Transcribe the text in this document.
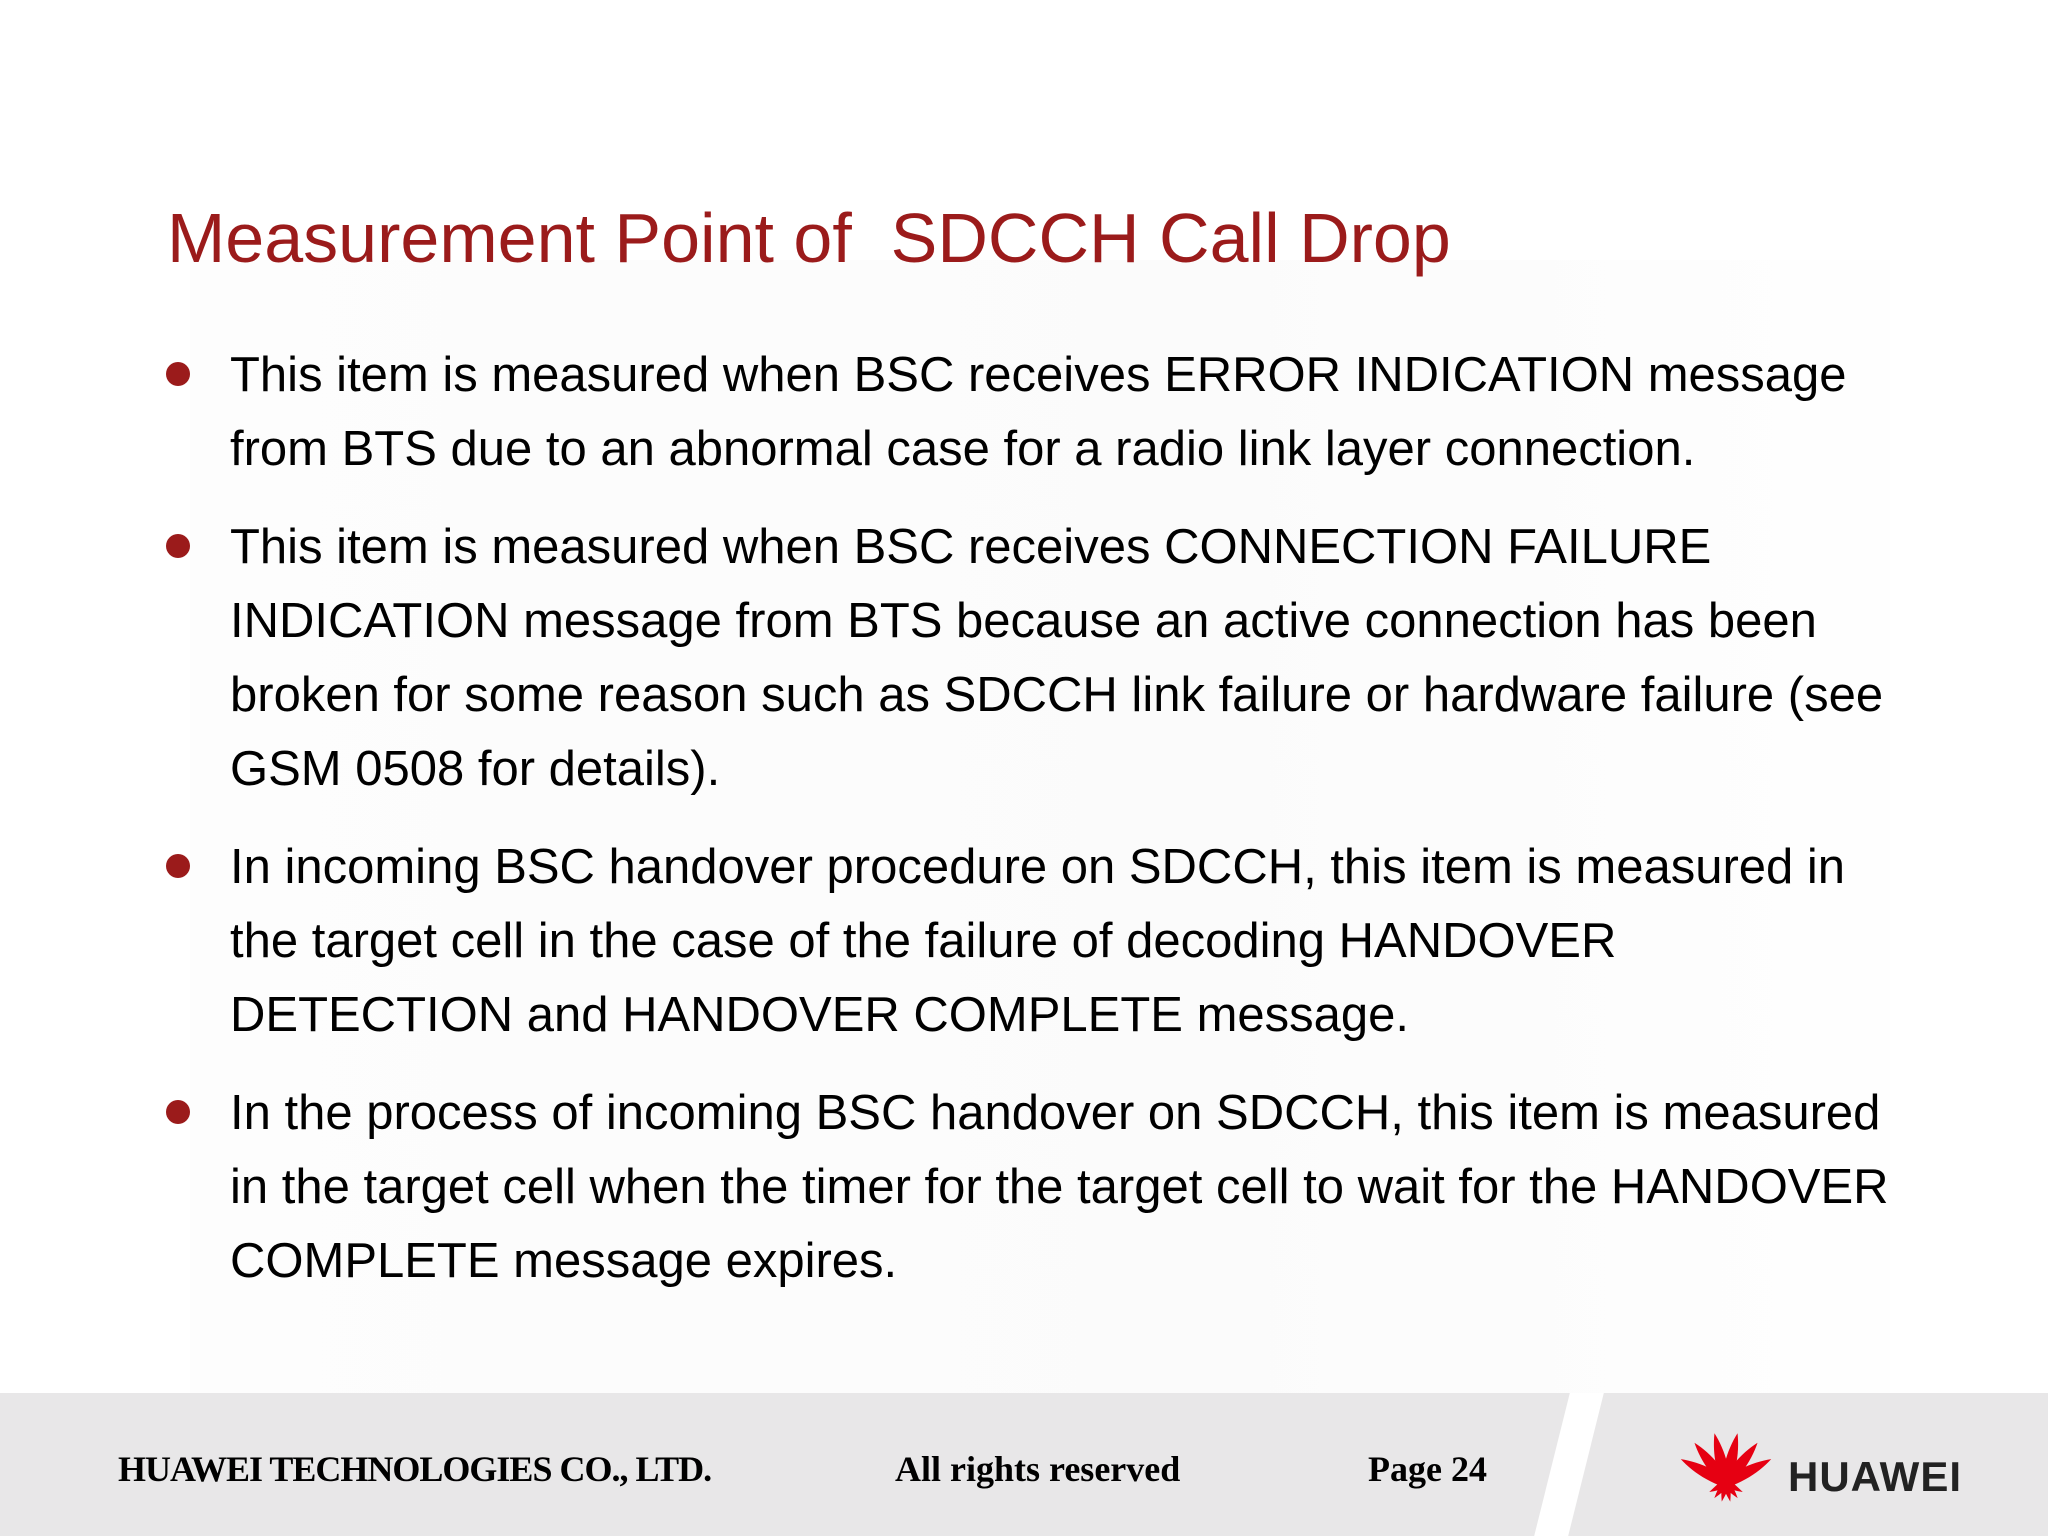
Measurement Point of  SDCCH Call Drop
This item is measured when BSC receives ERROR INDICATION message from BTS due to an abnormal case for a radio link layer connection.
This item is measured when BSC receives CONNECTION FAILURE INDICATION message from BTS because an active connection has been broken for some reason such as SDCCH link failure or hardware failure (see GSM 0508 for details).
In incoming BSC handover procedure on SDCCH, this item is measured in the target cell in the case of the failure of decoding HANDOVER DETECTION and HANDOVER COMPLETE message.
In the process of incoming BSC handover on SDCCH, this item is measured in the target cell when the timer for the target cell to wait for the HANDOVER COMPLETE message expires.

HUAWEI TECHNOLOGIES CO., LTD.	All rights reserved	Page 24	HUAWEI
